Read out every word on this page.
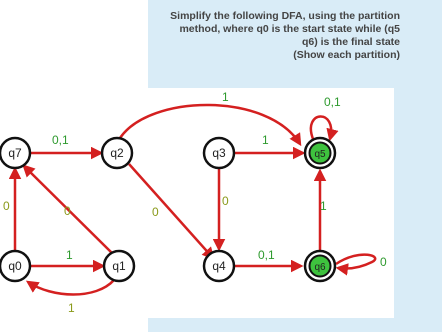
Simplify the following DFA, using the partition
method, where q0 is the start state while (q5
q6) is the final state
(Show each partition)
0,1
0	0
1
1
1
0
1
0
0,1
0,1
1
0
q7	q2	q3	q5
q0	q1	q4	q6
